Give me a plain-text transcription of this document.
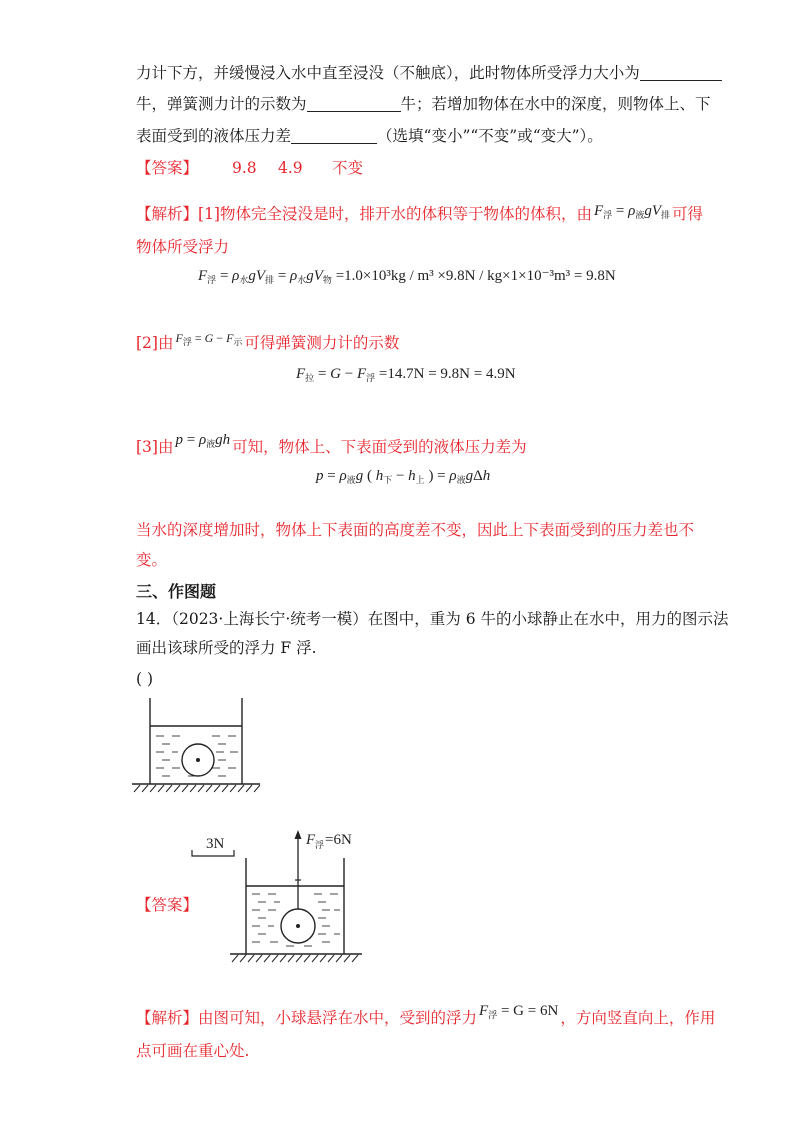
力计下方，并缓慢浸入水中直至浸没（不触底），此时物体所受浮力大小为
牛，弹簧测力计的示数为	牛；若增加物体在水中的深度，则物体上、下
表面受到的液体压力差	（选填“变小”“不变”或“变大”）。
【答案】 9.8 4.9 不变
【解析】[1]物体完全浸没是时，排开水的体积等于物体的体积，由 $F_浮 = \rho_液gV_排$ 可得
物体所受浮力
$F_浮 = \rho_水gV_排 = \rho_水gV_物 =1.0\times 10^3kg / m^3 \times 9.8N / kg\times 1\times 10^{-3}m^3 = 9.8N$
[2]由 $F_浮 = G - F_示$ 可得弹簧测力计的示数
$F_拉 = G - F_浮 =14.7N = 9.8N = 4.9N$
[3]由 $p = \rho_液gh$ 可知，物体上、下表面受到的液体压力差为
$p = \rho_液g$ ( $h_下 - h_上$ ) = $\rho_液g\Delta h$
当水的深度增加时，物体上下表面的高度差不变，因此上下表面受到的压力差也不
变。
三、作图题
14．（2023·上海长宁·统考一模）在图中，重为 6 牛的小球静止在水中，用力的图示法
画出该球所受的浮力 F 浮.
( )
【答案】
3N	F 浮 =6N
【解析】由图可知，小球悬浮在水中，受到的浮力 $F_浮 = G = 6N$ ，方向竖直向上，作用
点可画在重心处.
